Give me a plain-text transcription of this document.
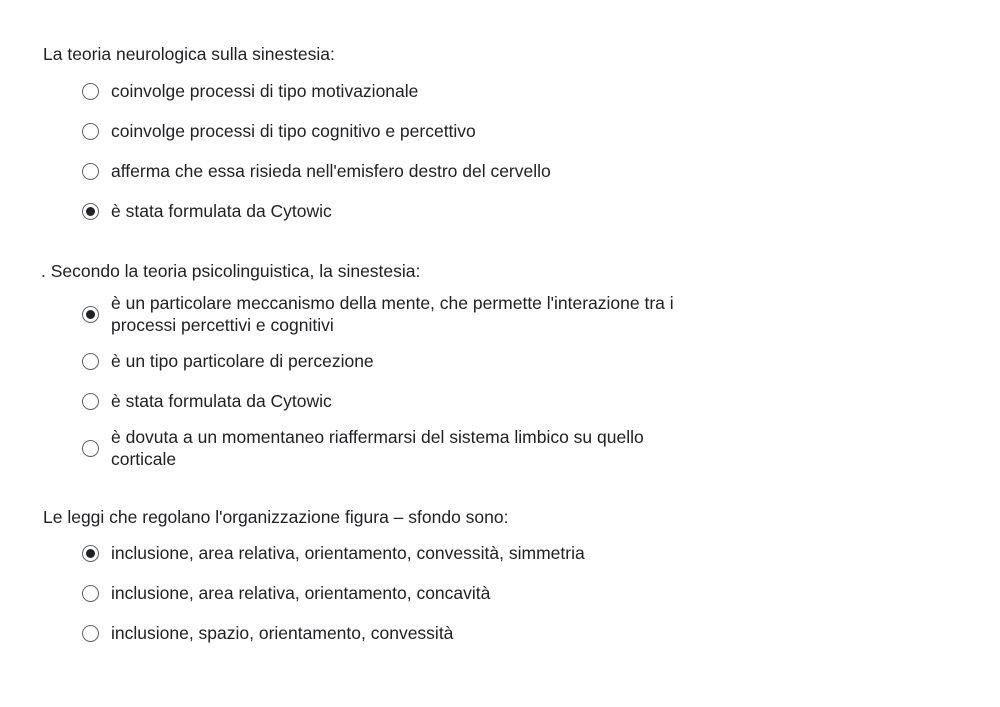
La teoria neurologica sulla sinestesia:
coinvolge processi di tipo motivazionale
coinvolge processi di tipo cognitivo e percettivo
afferma che essa risieda nell'emisfero destro del cervello
è stata formulata da Cytowic
. Secondo la teoria psicolinguistica, la sinestesia:
è un particolare meccanismo della mente, che permette l'interazione tra i processi percettivi e cognitivi
è un tipo particolare di percezione
è stata formulata da Cytowic
è dovuta a un momentaneo riaffermarsi del sistema limbico su quello corticale
Le leggi che regolano l'organizzazione figura – sfondo sono:
inclusione, area relativa, orientamento, convessità, simmetria
inclusione, area relativa, orientamento, concavità
inclusione, spazio, orientamento, convessità
